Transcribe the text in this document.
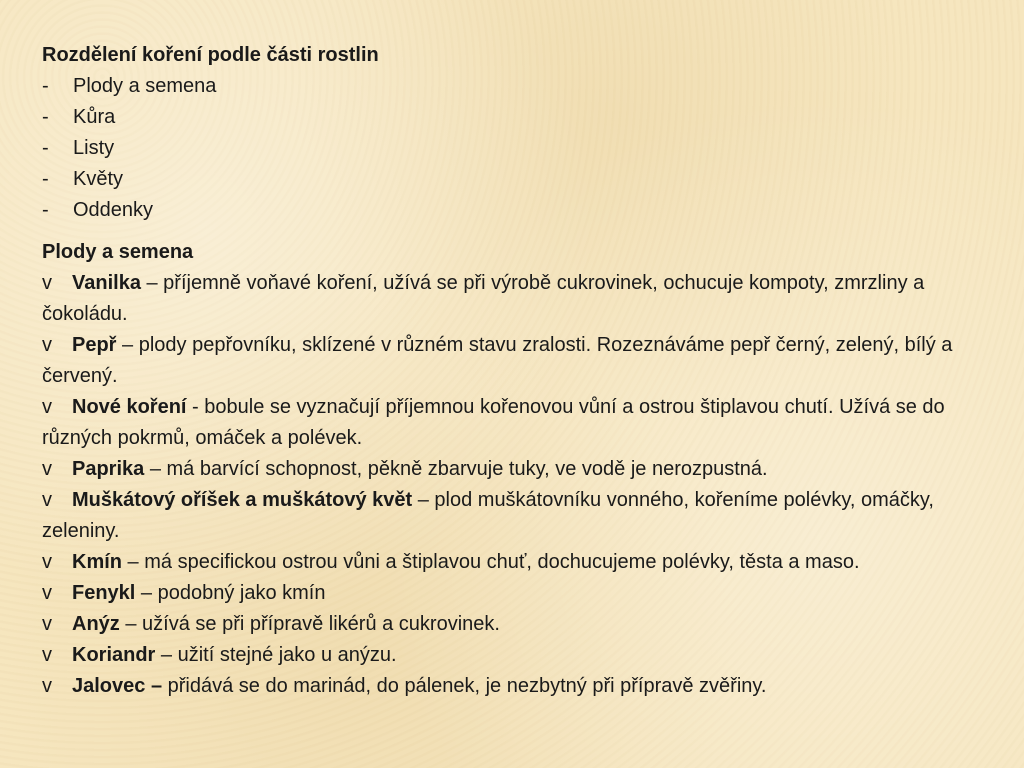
Rozdělení koření podle části rostlin

-	Plody a semena
-	Kůra
-	Listy
-	Květy
-	Oddenky

Plody a semena

v Vanilka – příjemně voňavé koření, užívá se při výrobě cukrovinek, ochucuje kompoty, zmrzliny a čokoládu.
v Pepř – plody pepřovníku, sklízené v různém stavu zralosti. Rozeznáváme pepř černý, zelený, bílý a červený.
v Nové koření - bobule se vyznačují příjemnou kořenovou vůní a ostrou štiplavou chutí. Užívá se do různých pokrmů, omáček a polévek.
v Paprika – má barvící schopnost, pěkně zbarvuje tuky, ve vodě je nerozpustná.
v Muškátový oříšek a muškátový květ – plod muškátovníku vonného, kořeníme polévky, omáčky, zeleniny.
v Kmín – má specifickou ostrou vůni a štiplavou chuť, dochucujeme polévky, těsta a maso.
v Fenykl – podobný jako kmín
v Anýz – užívá se při přípravě likérů a cukrovinek.
v Koriandr – užití stejné jako u anýzu.
v Jalovec – přidává se do marinád, do pálenek, je nezbytný při přípravě zvěřiny.
